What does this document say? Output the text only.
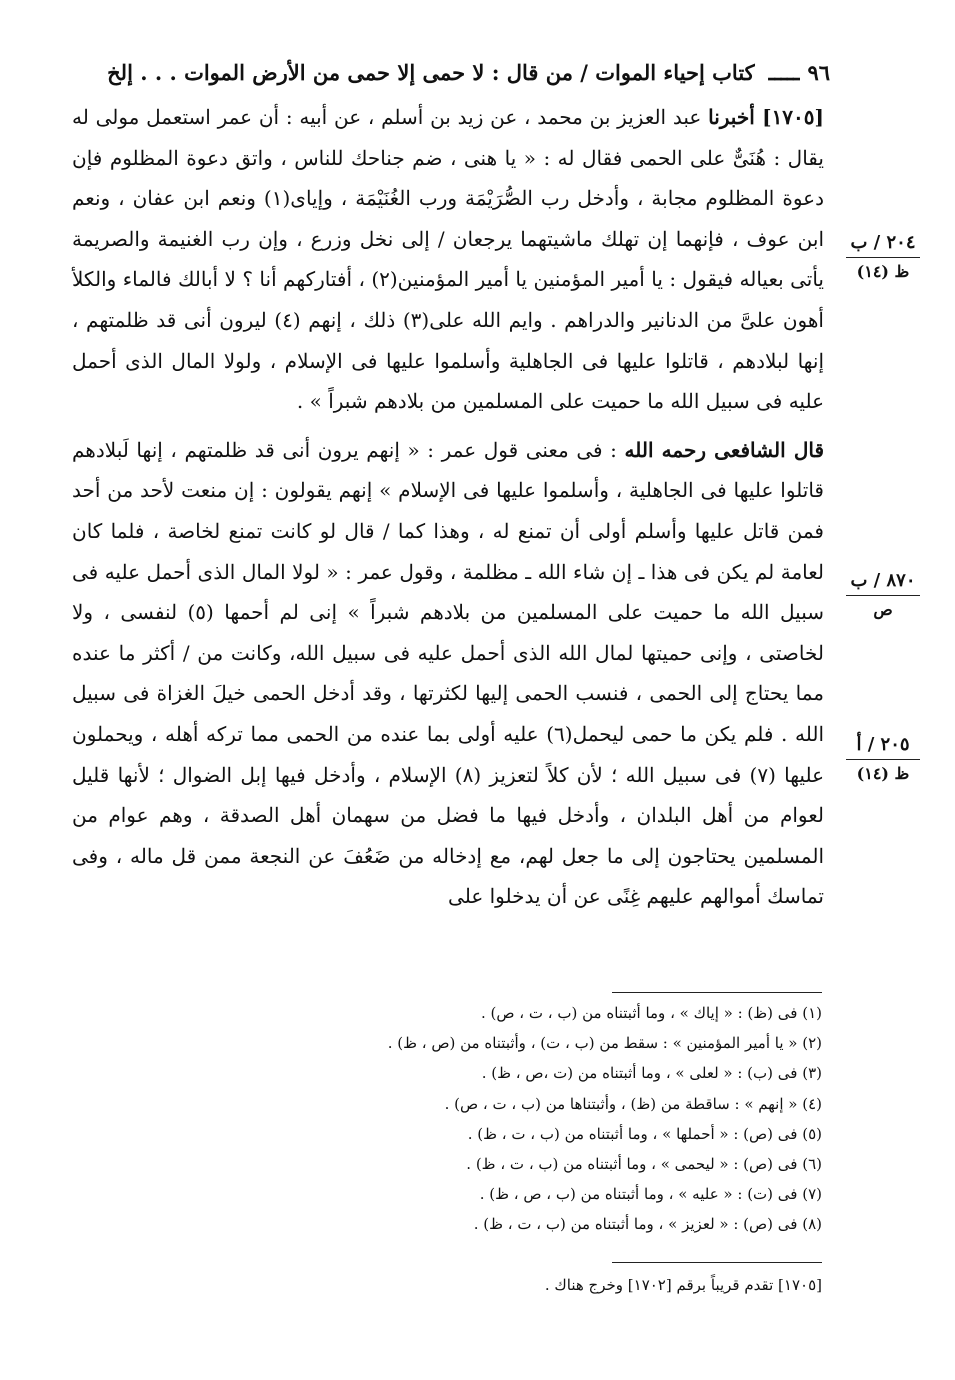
٩٦
ـــــ
كتاب إحياء الموات / من قال : لا حمى إلا حمى من الأرض الموات . . . إلخ

[١٧٠٥] أخبرنا عبد العزيز بن محمد ، عن زيد بن أسلم ، عن أبيه : أن عمر استعمل مولى له يقال : هُنَىٌّ على الحمى فقال له : « يا هنى ، ضم جناحك للناس ، واتق دعوة المظلوم فإن دعوة المظلوم مجابة ، وأدخل رب الصُّرَيْمَة ورب الغُنَيْمَة ، وإياى(١) ونعم ابن عفان ، ونعم ابن عوف ، فإنهما إن تهلك ماشيتهما يرجعان / إلى نخل وزرع ، وإن رب الغنيمة والصريمة يأتى بعياله فيقول : يا أمير المؤمنين يا أمير المؤمنين(٢) ، أفتاركهم أنا ؟ لا أبالك فالماء والكلأ أهون علىَّ من الدنانير والدراهم . وايم الله على(٣) ذلك ، إنهم (٤) ليرون أنى قد ظلمتهم ، إنها لبلادهم ، قاتلوا عليها فى الجاهلية وأسلموا عليها فى الإسلام ، ولولا المال الذى أحمل عليه فى سبيل الله ما حميت على المسلمين من بلادهم شبراً » .

قال الشافعى رحمه الله : فى معنى قول عمر : « إنهم يرون أنى قد ظلمتهم ، إنها لَبلادهم قاتلوا عليها فى الجاهلية ، وأسلموا عليها فى الإسلام » إنهم يقولون : إن منعت لأحد من أحد فمن قاتل عليها وأسلم أولى أن تمنع له ، وهذا كما / قال لو كانت تمنع لخاصة ، فلما كان لعامة لم يكن فى هذا ـ إن شاء الله ـ مظلمة ، وقول عمر : « لولا المال الذى أحمل عليه فى سبيل الله ما حميت على المسلمين من بلادهم شبراً » إنى لم أحمها (٥) لنفسى ، ولا لخاصتى ، وإنى حميتها لمال الله الذى أحمل عليه فى سبيل الله، وكانت من / أكثر ما عنده مما يحتاج إلى الحمى ، فنسب الحمى إليها لكثرتها ، وقد أدخل الحمى خيلَ الغزاة فى سبيل الله . فلم يكن ما حمى ليحمل(٦) عليه أولى بما عنده من الحمى مما تركه أهله ، ويحملون عليها (٧) فى سبيل الله ؛ لأن كلاً لتعزيز (٨) الإسلام ، وأدخل فيها إبل الضوال ؛ لأنها قليل لعوام من أهل البلدان ، وأدخل فيها ما فضل من سهمان أهل الصدقة ، وهم عوام من المسلمين يحتاجون إلى ما جعل لهم، مع إدخاله من ضَعُفَ عن النجعة ممن قل ماله ، وفى تماسك أموالهم عليهم غِنًى عن أن يدخلوا على

٢٠٤ / ب
ظ (١٤)
٨٧٠ / ب
ص
٢٠٥ / أ
ظ (١٤)
(١) فى (ظ) : « إياك » ، وما أثبتناه من (ب ، ت ، ص) .
(٢) « يا أمير المؤمنين » : سقط من (ب ، ت) ، وأثبتناه من (ص ، ظ) .
(٣) فى (ب) : « لعلى » ، وما أثبتناه من (ت ،ص ، ظ) .
(٤) « إنهم » : ساقطة من (ظ) ، وأثبتناها من (ب ، ت ، ص) .
(٥) فى (ص) : « أحملها » ، وما أثبتناه من (ب ، ت ، ظ) .
(٦) فى (ص) : « ليحمى » ، وما أثبتناه من (ب ، ت ، ظ) .
(٧) فى (ت) : « عليه » ، وما أثبتناه من (ب ، ص ، ظ) .
(٨) فى (ص) : « لعزيز » ، وما أثبتناه من (ب ، ت ، ظ) .
[١٧٠٥] تقدم قريباً برقم [١٧٠٢] وخرج هناك .
